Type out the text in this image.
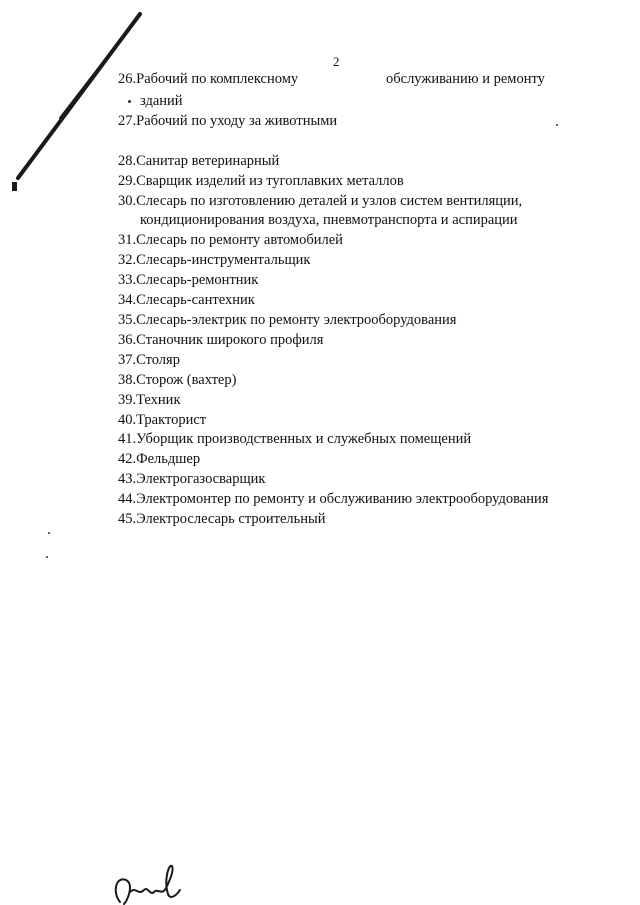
2
26.Рабочий по комплексному	обслуживанию и ремонту
зданий
27.Рабочий по уходу за животными
28.Санитар ветеринарный
29.Сварщик изделий из тугоплавких металлов
30.Слесарь по изготовлению деталей и узлов систем вентиляции,
кондиционирования воздуха, пневмотранспорта и аспирации
31.Слесарь по ремонту автомобилей
32.Слесарь-инструментальщик
33.Слесарь-ремонтник
34.Слесарь-сантехник
35.Слесарь-электрик по ремонту электрооборудования
36.Станочник широкого профиля
37.Столяр
38.Сторож (вахтер)
39.Техник
40.Тракторист
41.Уборщик производственных и служебных помещений
42.Фельдшер
43.Электрогазосварщик
44.Электромонтер по ремонту и обслуживанию электрооборудования
45.Электрослесарь строительный
